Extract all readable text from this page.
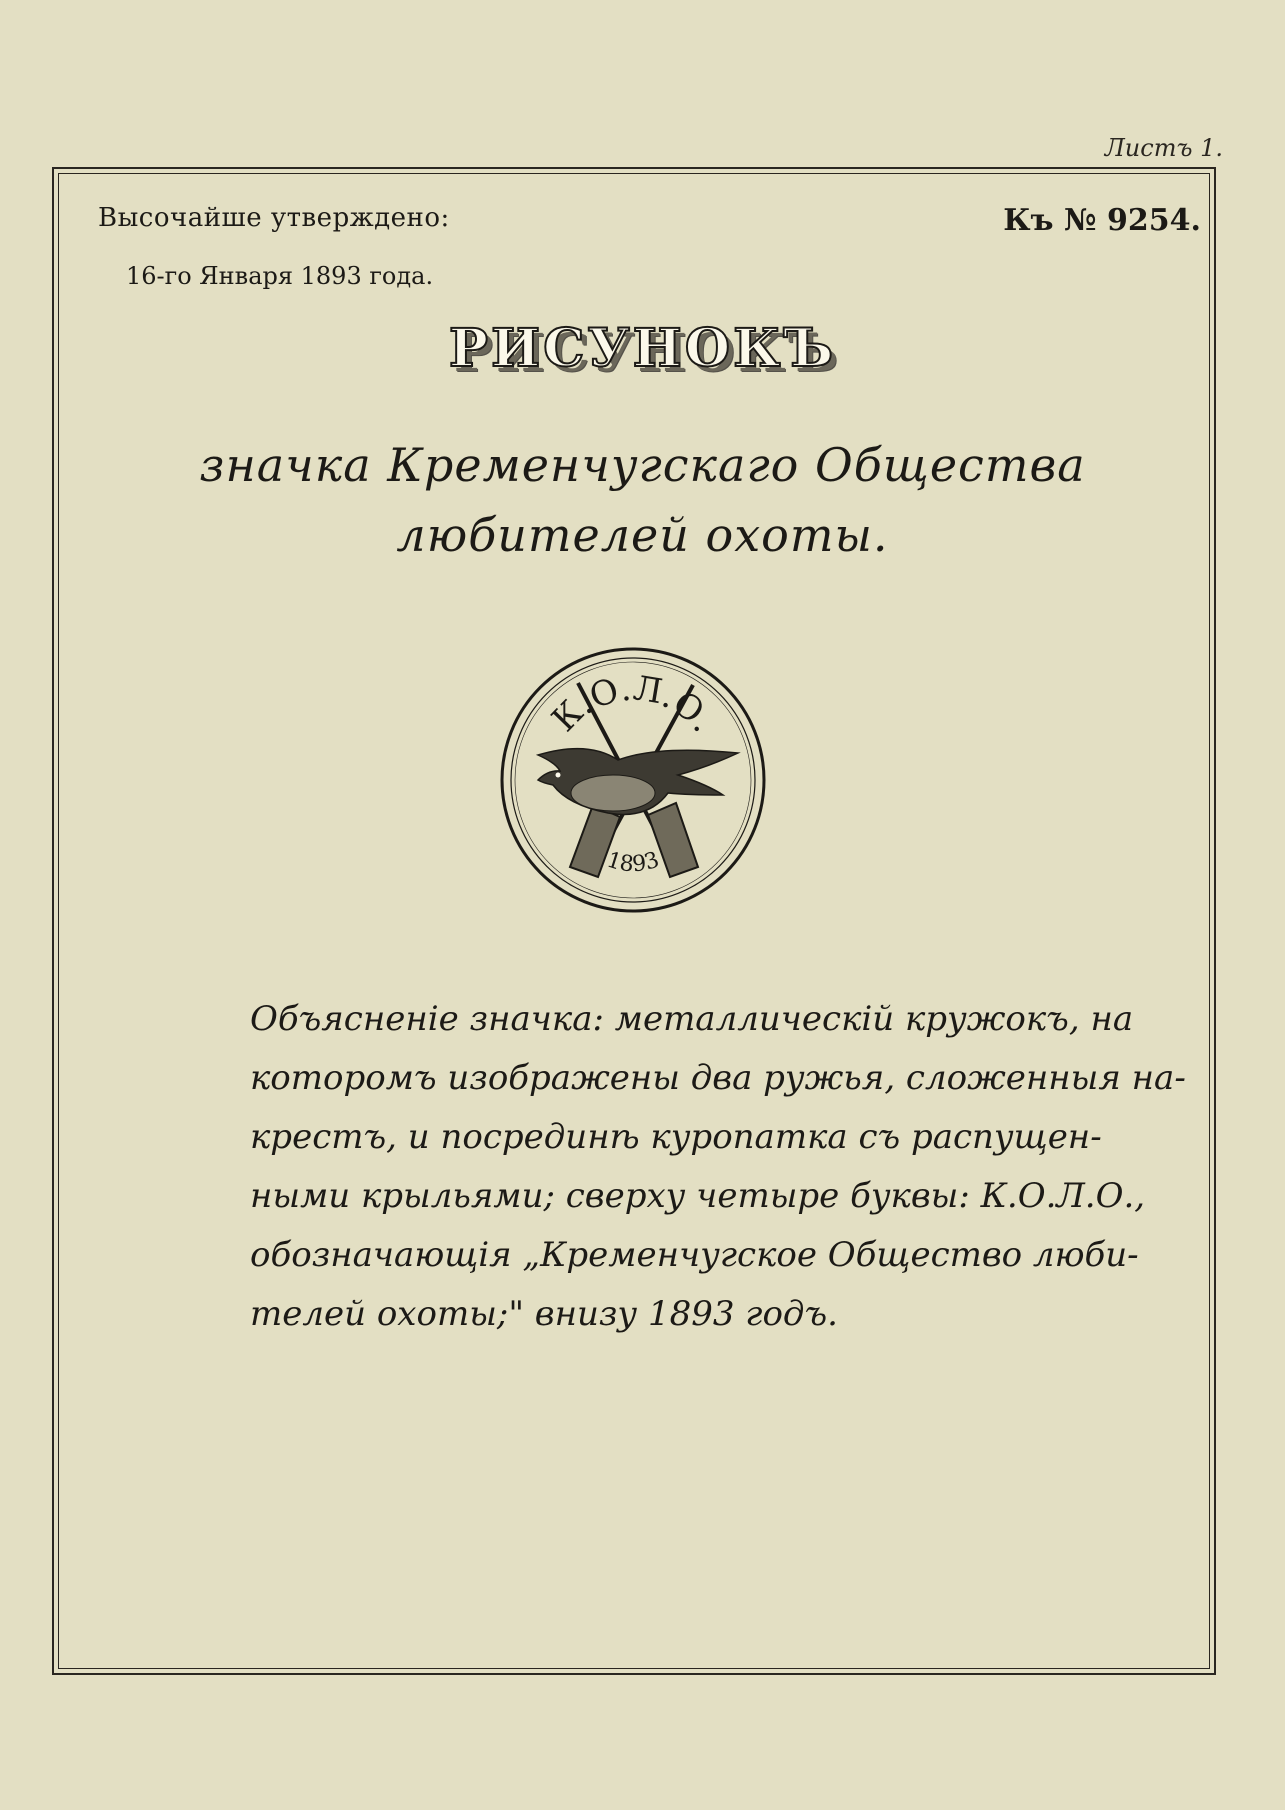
Листъ 1.
Высочайше утверждено:
16-го Января 1893 года.
Къ № 9254.
РИСУНОКЪ
значка Кременчугскаго Общества
любителей охоты.
К.О.Л.О.
1893
Объясненіе значка: металлическій кружокъ, на
которомъ изображены два ружья, сложенныя на-
крестъ, и посрединѣ куропатка съ распущен-
ными крыльями; сверху четыре буквы: К.О.Л.О.,
обозначающія „Кременчугское Общество люби-
телей охоты;" внизу 1893 годъ.
